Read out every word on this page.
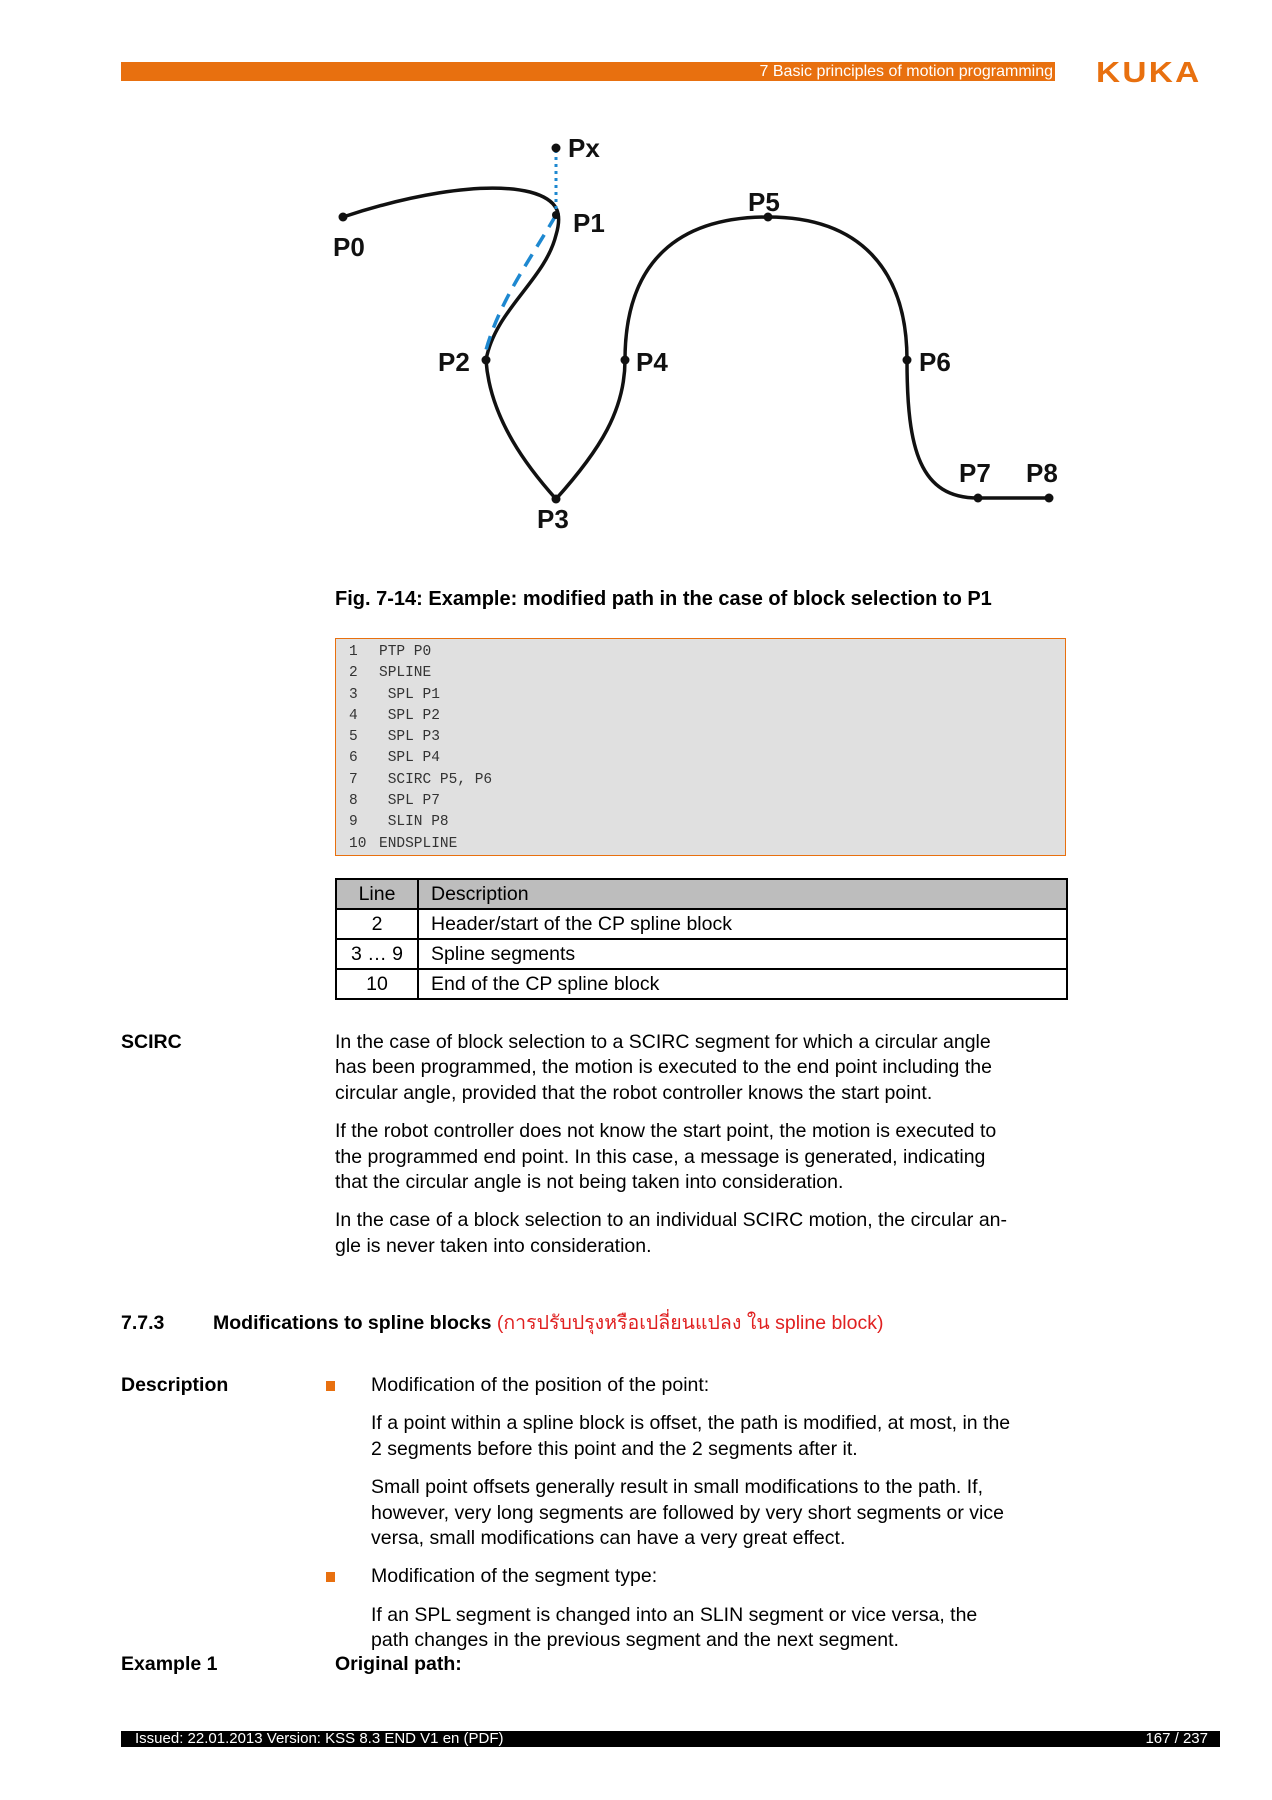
7 Basic principles of motion programming KUKA
Px
P0
P1
P2
P3
P4
P5
P6
P7 P8
Fig. 7-14: Example: modified path in the case of block selection to P1
1 PTP P0
2 SPLINE
3 SPL P1
4 SPL P2
5 SPL P3
6 SPL P4
7 SCIRC P5, P6
8 SPL P7
9 SLIN P8
10 ENDSPLINE
Line	Description
2	Header/start of the CP spline block
3 … 9	Spline segments
10	End of the CP spline block
SCIRC	In the case of block selection to a SCIRC segment for which a circular angle
has been programmed, the motion is executed to the end point including the
circular angle, provided that the robot controller knows the start point.
If the robot controller does not know the start point, the motion is executed to
the programmed end point. In this case, a message is generated, indicating
that the circular angle is not being taken into consideration.
In the case of a block selection to an individual SCIRC motion, the circular an-
gle is never taken into consideration.
7.7.3 Modifications to spline blocks (การปรับปรุงหรือเปลี่ยนแปลง ใน spline block)
Description	Modification of the position of the point:
If a point within a spline block is offset, the path is modified, at most, in the
2 segments before this point and the 2 segments after it.
Small point offsets generally result in small modifications to the path. If,
however, very long segments are followed by very short segments or vice
versa, small modifications can have a very great effect.
Modification of the segment type:
If an SPL segment is changed into an SLIN segment or vice versa, the
path changes in the previous segment and the next segment.
Example 1	Original path:
Issued: 22.01.2013 Version: KSS 8.3 END V1 en (PDF)	167 / 237
